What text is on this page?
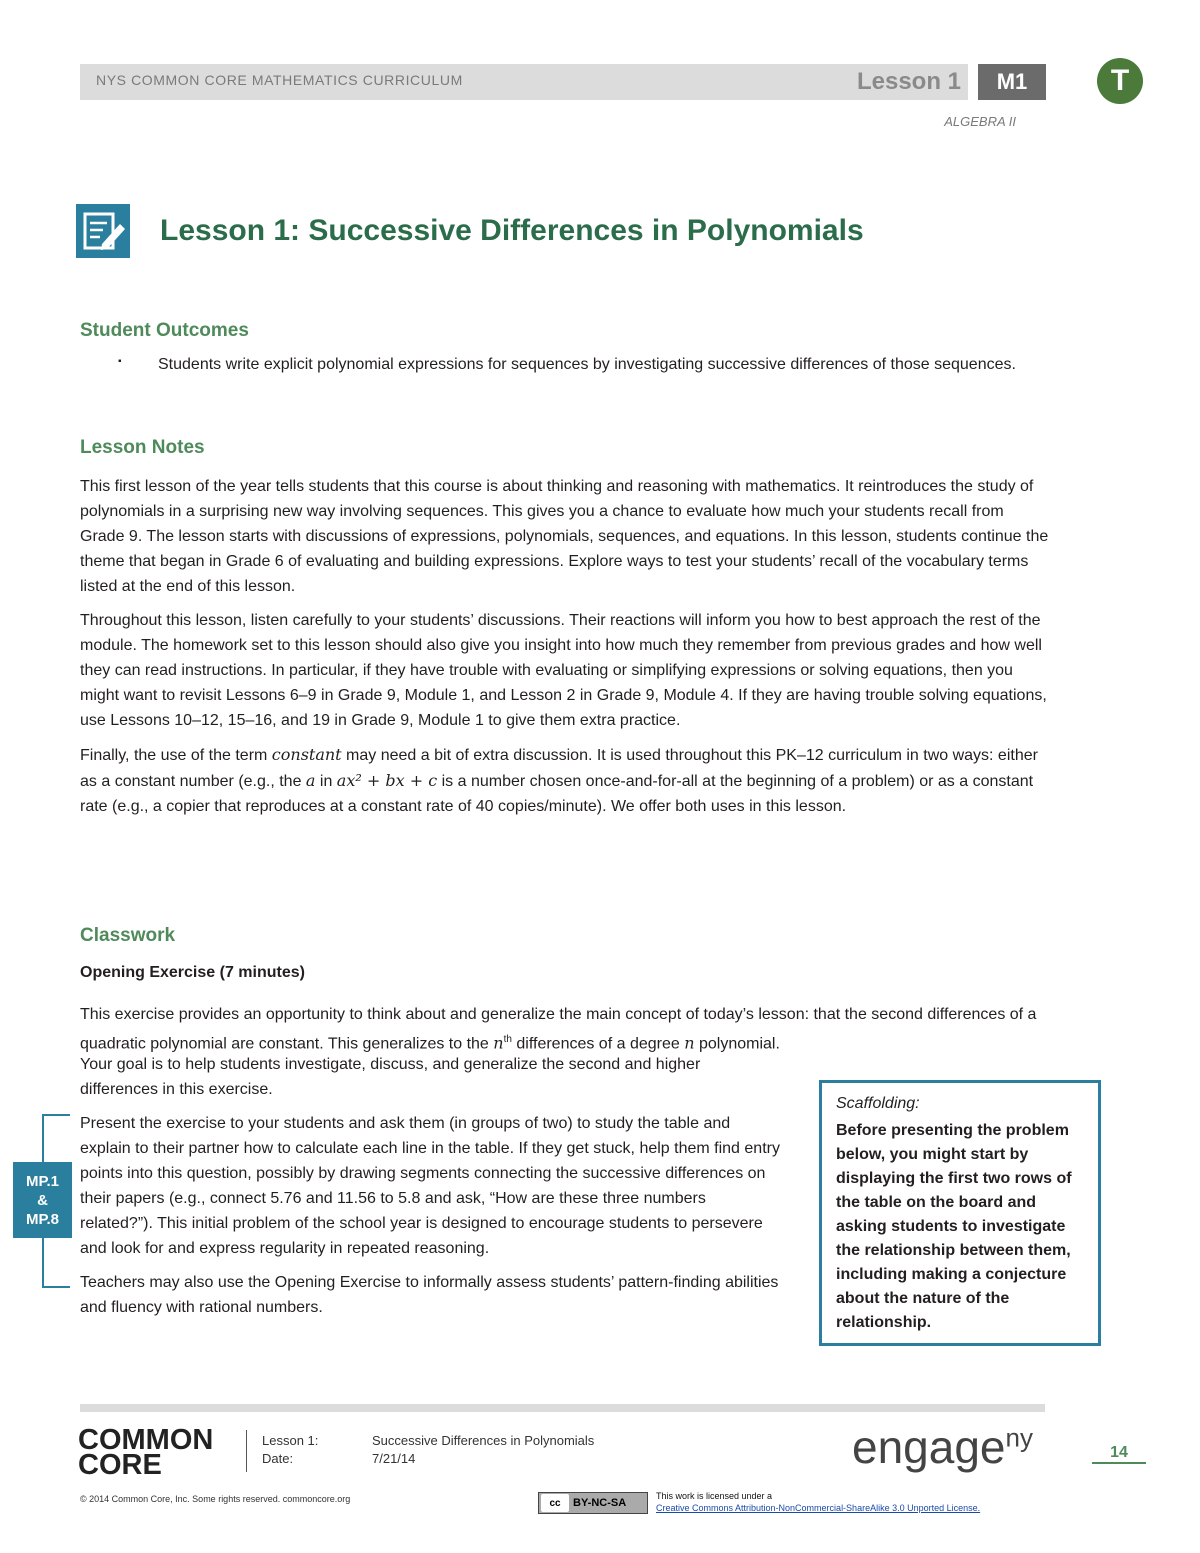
NYS COMMON CORE MATHEMATICS CURRICULUM	Lesson 1	M1	T
ALGEBRA II
Lesson 1: Successive Differences in Polynomials
Student Outcomes
▪ Students write explicit polynomial expressions for sequences by investigating successive differences of those sequences.

Lesson Notes

This first lesson of the year tells students that this course is about thinking and reasoning with mathematics. It reintroduces the study of polynomials in a surprising new way involving sequences. This gives you a chance to evaluate how much your students recall from Grade 9. The lesson starts with discussions of expressions, polynomials, sequences, and equations. In this lesson, students continue the theme that began in Grade 6 of evaluating and building expressions. Explore ways to test your students’ recall of the vocabulary terms listed at the end of this lesson.

Throughout this lesson, listen carefully to your students’ discussions. Their reactions will inform you how to best approach the rest of the module. The homework set to this lesson should also give you insight into how much they remember from previous grades and how well they can read instructions. In particular, if they have trouble with evaluating or simplifying expressions or solving equations, then you might want to revisit Lessons 6–9 in Grade 9, Module 1, and Lesson 2 in Grade 9, Module 4. If they are having trouble solving equations, use Lessons 10–12, 15–16, and 19 in Grade 9, Module 1 to give them extra practice.

Finally, the use of the term constant may need a bit of extra discussion. It is used throughout this PK–12 curriculum in two ways: either as a constant number (e.g., the a in ax² + bx + c is a number chosen once-and-for-all at the beginning of a problem) or as a constant rate (e.g., a copier that reproduces at a constant rate of 40 copies/minute). We offer both uses in this lesson.

Classwork
Opening Exercise (7 minutes)

This exercise provides an opportunity to think about and generalize the main concept of today’s lesson: that the second differences of a quadratic polynomial are constant. This generalizes to the $n^{th}$ differences of a degree n polynomial.

Your goal is to help students investigate, discuss, and generalize the second and higher differences in this exercise.

Present the exercise to your students and ask them (in groups of two) to study the table and explain to their partner how to calculate each line in the table. If they get stuck, help them find entry points into this question, possibly by drawing segments connecting the successive differences on their papers (e.g., connect 5.76 and 11.56 to 5.8 and ask, “How are these three numbers related?”). This initial problem of the school year is designed to encourage students to persevere and look for and express regularity in repeated reasoning.

Teachers may also use the Opening Exercise to informally assess students’ pattern-finding abilities and fluency with rational numbers.

MP.1
&
MP.8
Scaffolding:
Before presenting the problem below, you might start by displaying the first two rows of the table on the board and asking students to investigate the relationship between them, including making a conjecture about the nature of the relationship.
COMMON
CORE
Lesson 1:	Successive Differences in Polynomials
Date:	7/21/14	engage$^{ny}$	14
© 2014 Common Core, Inc. Some rights reserved. commoncore.org	cc	BY-NC-SA
This work is licensed under a
Creative Commons Attribution-NonCommercial-ShareAlike 3.0 Unported License.
